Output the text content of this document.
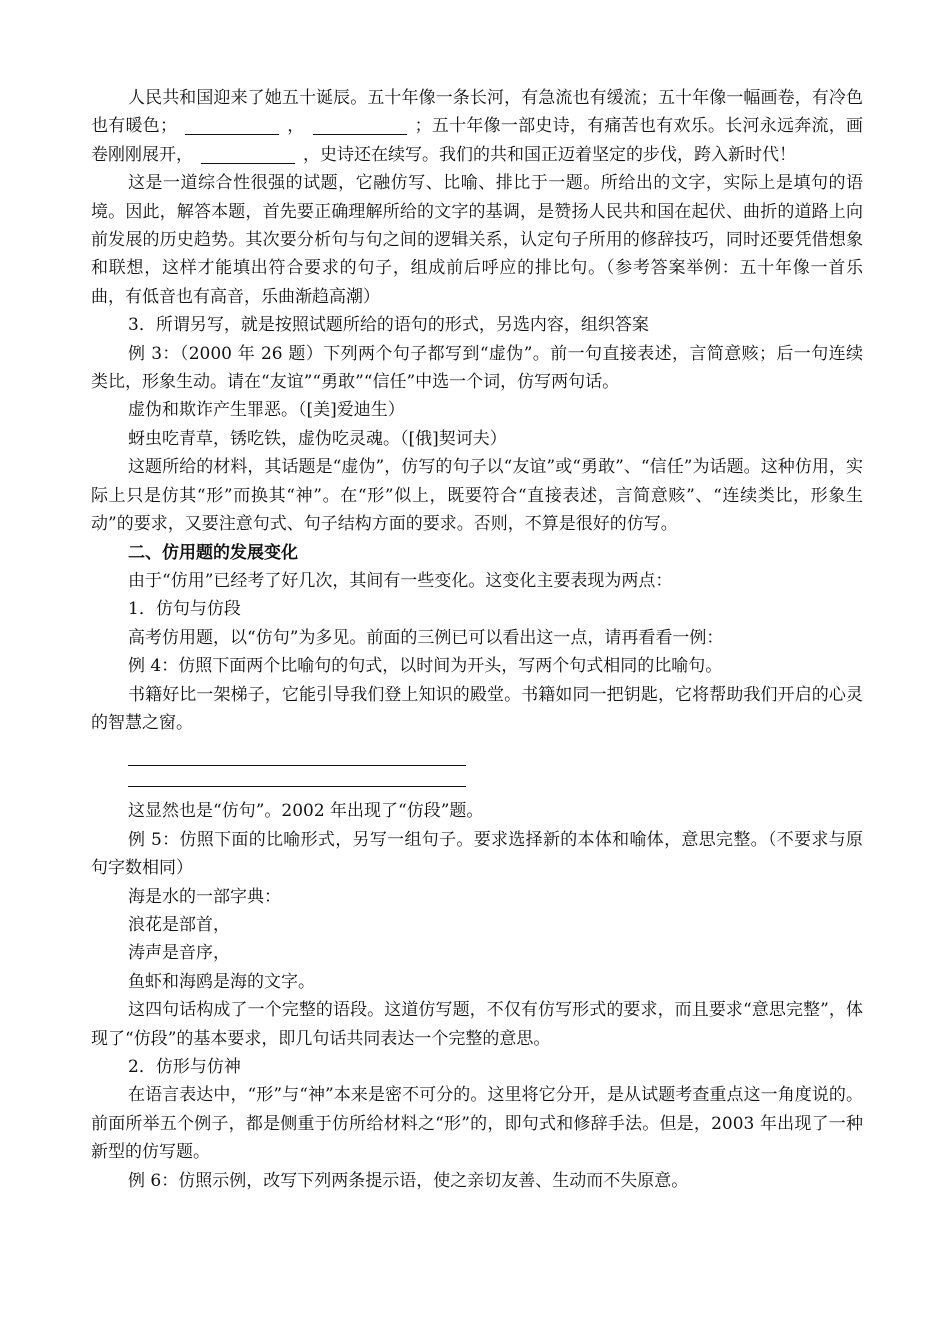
人民共和国迎来了她五十诞辰。五十年像一条长河，有急流也有缓流；五十年像一幅画卷，有冷色也有暖色；	，	；五十年像一部史诗，有痛苦也有欢乐。长河永远奔流，画卷刚刚展开，	，史诗还在续写。我们的共和国正迈着坚定的步伐，跨入新时代！

这是一道综合性很强的试题，它融仿写、比喻、排比于一题。所给出的文字，实际上是填句的语境。因此，解答本题，首先要正确理解所给的文字的基调，是赞扬人民共和国在起伏、曲折的道路上向前发展的历史趋势。其次要分析句与句之间的逻辑关系，认定句子所用的修辞技巧，同时还要凭借想象和联想，这样才能填出符合要求的句子，组成前后呼应的排比句。（参考答案举例：五十年像一首乐曲，有低音也有高音，乐曲渐趋高潮）

3．所谓另写，就是按照试题所给的语句的形式，另选内容，组织答案

例 3：（2000 年 26 题）下列两个句子都写到“虚伪”。前一句直接表述，言简意赅；后一句连续类比，形象生动。请在“友谊”“勇敢”“信任”中选一个词，仿写两句话。

虚伪和欺诈产生罪恶。（[美]爱迪生）

蚜虫吃青草，锈吃铁，虚伪吃灵魂。（[俄]契诃夫）

这题所给的材料，其话题是“虚伪”，仿写的句子以“友谊”或“勇敢”、“信任”为话题。这种仿用，实际上只是仿其“形”而换其“神”。在“形”似上，既要符合“直接表述，言简意赅”、“连续类比，形象生动”的要求，又要注意句式、句子结构方面的要求。否则，不算是很好的仿写。

二、仿用题的发展变化

由于“仿用”已经考了好几次，其间有一些变化。这变化主要表现为两点：

1．仿句与仿段

高考仿用题，以“仿句”为多见。前面的三例已可以看出这一点，请再看看一例：

例 4：仿照下面两个比喻句的句式，以时间为开头，写两个句式相同的比喻句。

书籍好比一架梯子，它能引导我们登上知识的殿堂。书籍如同一把钥匙，它将帮助我们开启的心灵的智慧之窗。

这显然也是“仿句”。2002 年出现了“仿段”题。

例 5：仿照下面的比喻形式，另写一组句子。要求选择新的本体和喻体，意思完整。（不要求与原句字数相同）

海是水的一部字典：

浪花是部首，

涛声是音序，

鱼虾和海鸥是海的文字。

这四句话构成了一个完整的语段。这道仿写题，不仅有仿写形式的要求，而且要求“意思完整”，体现了“仿段”的基本要求，即几句话共同表达一个完整的意思。

2．仿形与仿神

在语言表达中，“形”与“神”本来是密不可分的。这里将它分开，是从试题考查重点这一角度说的。前面所举五个例子，都是侧重于仿所给材料之“形”的，即句式和修辞手法。但是，2003 年出现了一种新型的仿写题。

例 6：仿照示例，改写下列两条提示语，使之亲切友善、生动而不失原意。
